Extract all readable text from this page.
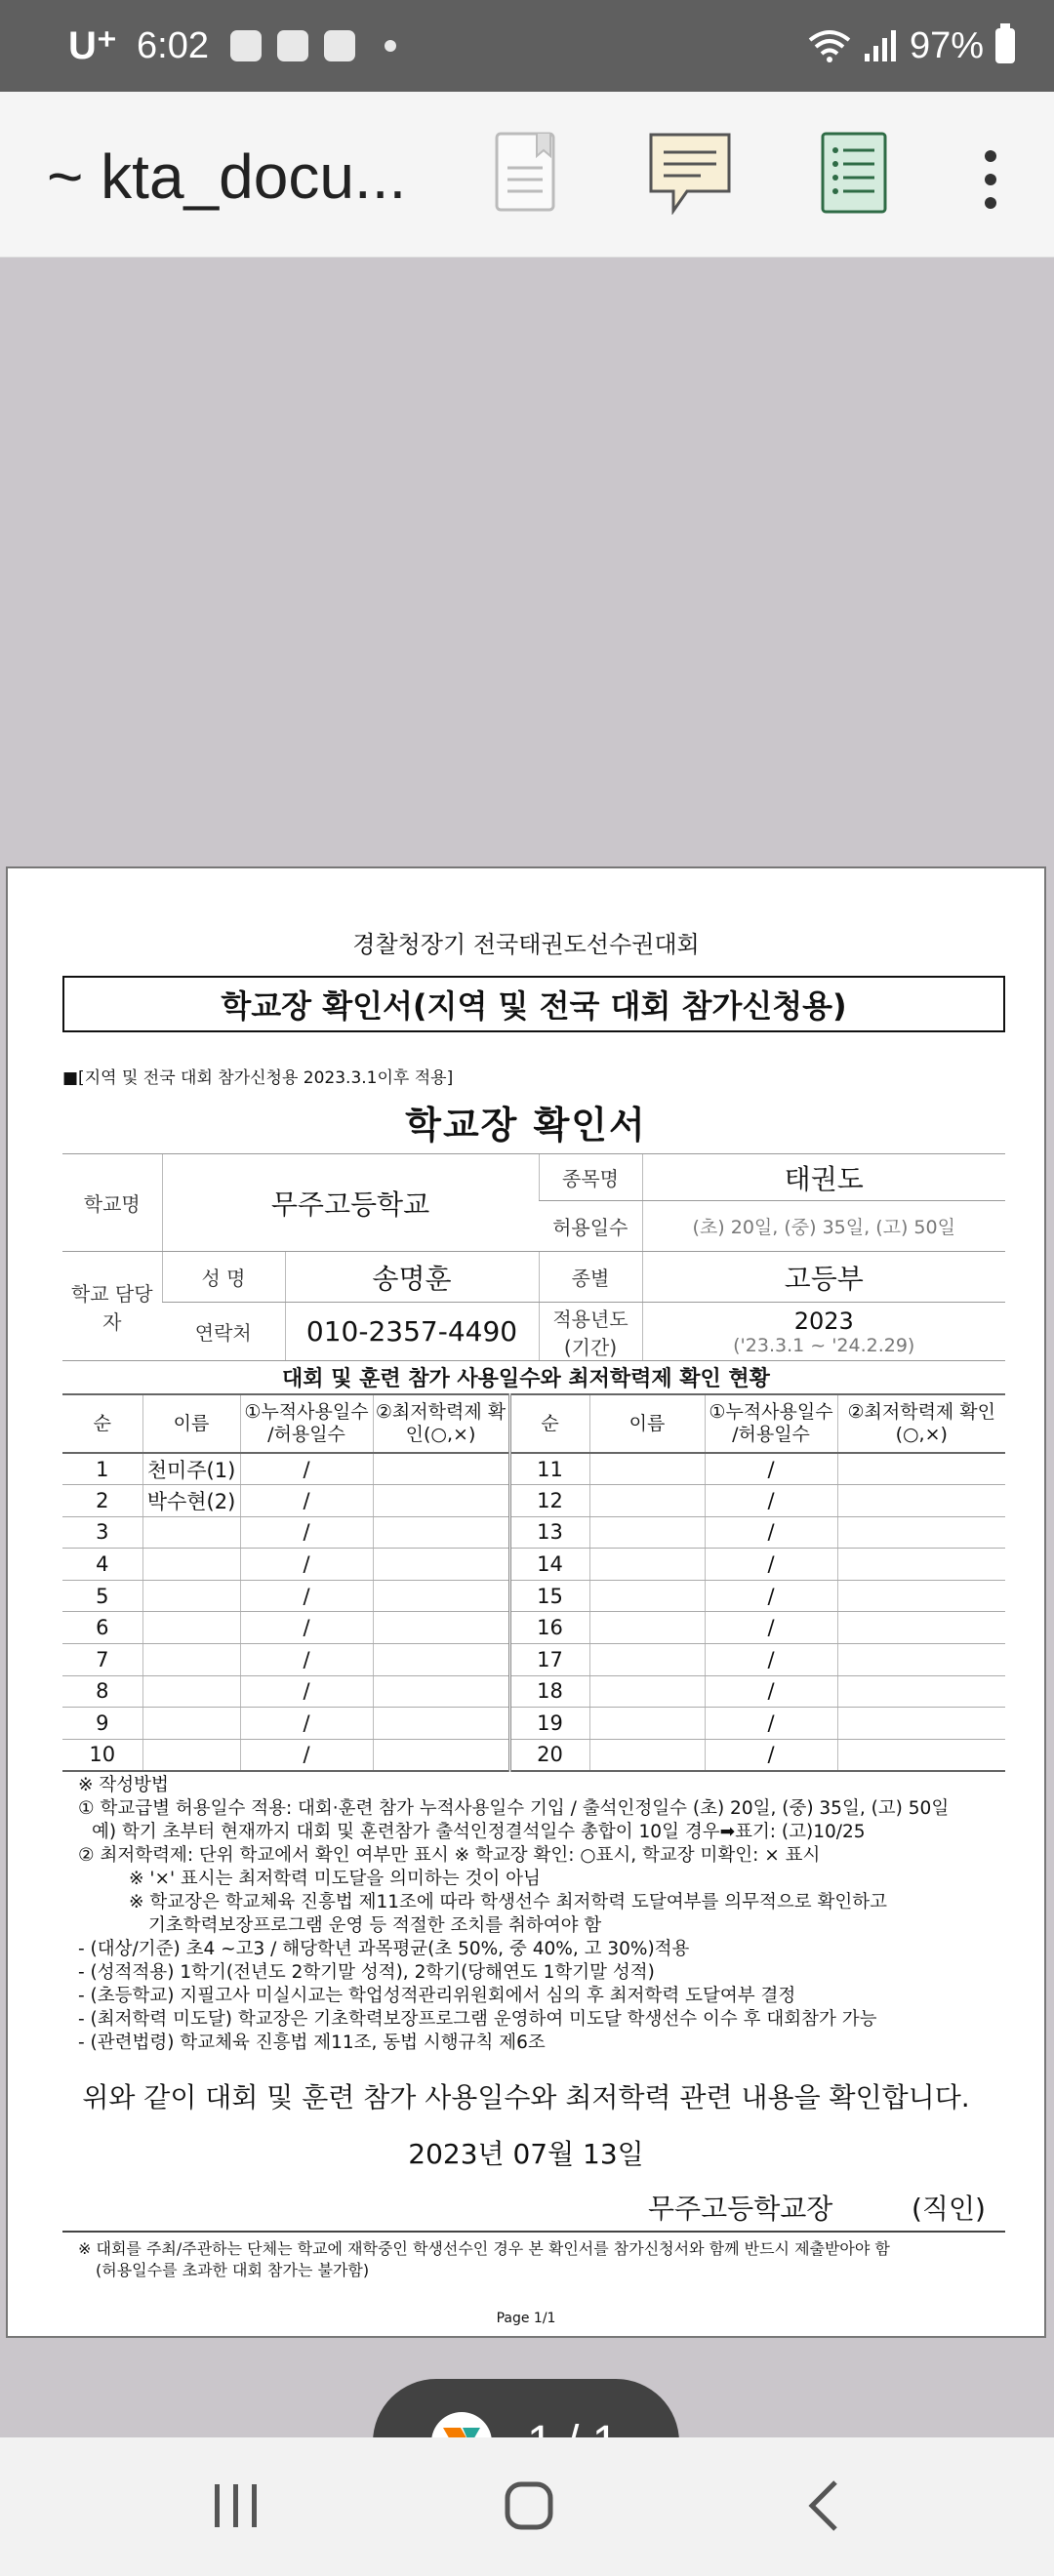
U⁺ 6:02	97%
~ kta_docu...
경찰청장기 전국태권도선수권대회
학교장 확인서(지역 및 전국 대회 참가신청용)
■[지역 및 전국 대회 참가신청용 2023.3.1이후 적용]
학교장 확인서
학교명	무주고등학교		종목명	태권도
			허용일수	(초) 20일, (중) 35일, (고) 50일
학교 담당자	성 명	송명훈	종별	고등부
	연락처	010-2357-4490	적용년도 (기간)	2023
('23.3.1 ~ '24.2.29)
대회 및 훈련 참가 사용일수와 최저학력제 확인 현황
순	이름	①누적사용일수 /허용일수	②최저학력제 확인(○,×)	순	이름	①누적사용일수 /허용일수	②최저학력제 확인(○,×)
1	천미주(1)	/		11		/	
2	박수현(2)	/		12		/	
3		/		13		/	
4		/		14		/	
5		/		15		/	
6		/		16		/	
7		/		17		/	
8		/		18		/	
9		/		19		/	
10		/		20		/	
※ 작성방법
① 학교급별 허용일수 적용: 대회·훈련 참가 누적사용일수 기입 / 출석인정일수 (초) 20일, (중) 35일, (고) 50일
예) 학기 초부터 현재까지 대회 및 훈련참가 출석인정결석일수 총합이 10일 경우➡표기: (고)10/25
② 최저학력제: 단위 학교에서 확인 여부만 표시 ※ 학교장 확인: ○표시, 학교장 미확인: × 표시
※ '×' 표시는 최저학력 미도달을 의미하는 것이 아님
※ 학교장은 학교체육 진흥법 제11조에 따라 학생선수 최저학력 도달여부를 의무적으로 확인하고
기초학력보장프로그램 운영 등 적절한 조치를 취하여야 함
- (대상/기준) 초4 ~고3 / 해당학년 과목평균(초 50%, 중 40%, 고 30%)적용
- (성적적용) 1학기(전년도 2학기말 성적), 2학기(당해연도 1학기말 성적)
- (초등학교) 지필고사 미실시교는 학업성적관리위원회에서 심의 후 최저학력 도달여부 결정
- (최저학력 미도달) 학교장은 기초학력보장프로그램 운영하여 미도달 학생선수 이수 후 대회참가 가능
- (관련법령) 학교체육 진흥법 제11조, 동법 시행규칙 제6조
위와 같이 대회 및 훈련 참가 사용일수와 최저학력 관련 내용을 확인합니다.
2023년 07월 13일
무주고등학교장	(직인)
※ 대회를 주최/주관하는 단체는 학교에 재학중인 학생선수인 경우 본 확인서를 참가신청서와 함께 반드시 제출받아야 함
(허용일수를 초과한 대회 참가는 불가함)
Page 1/1
